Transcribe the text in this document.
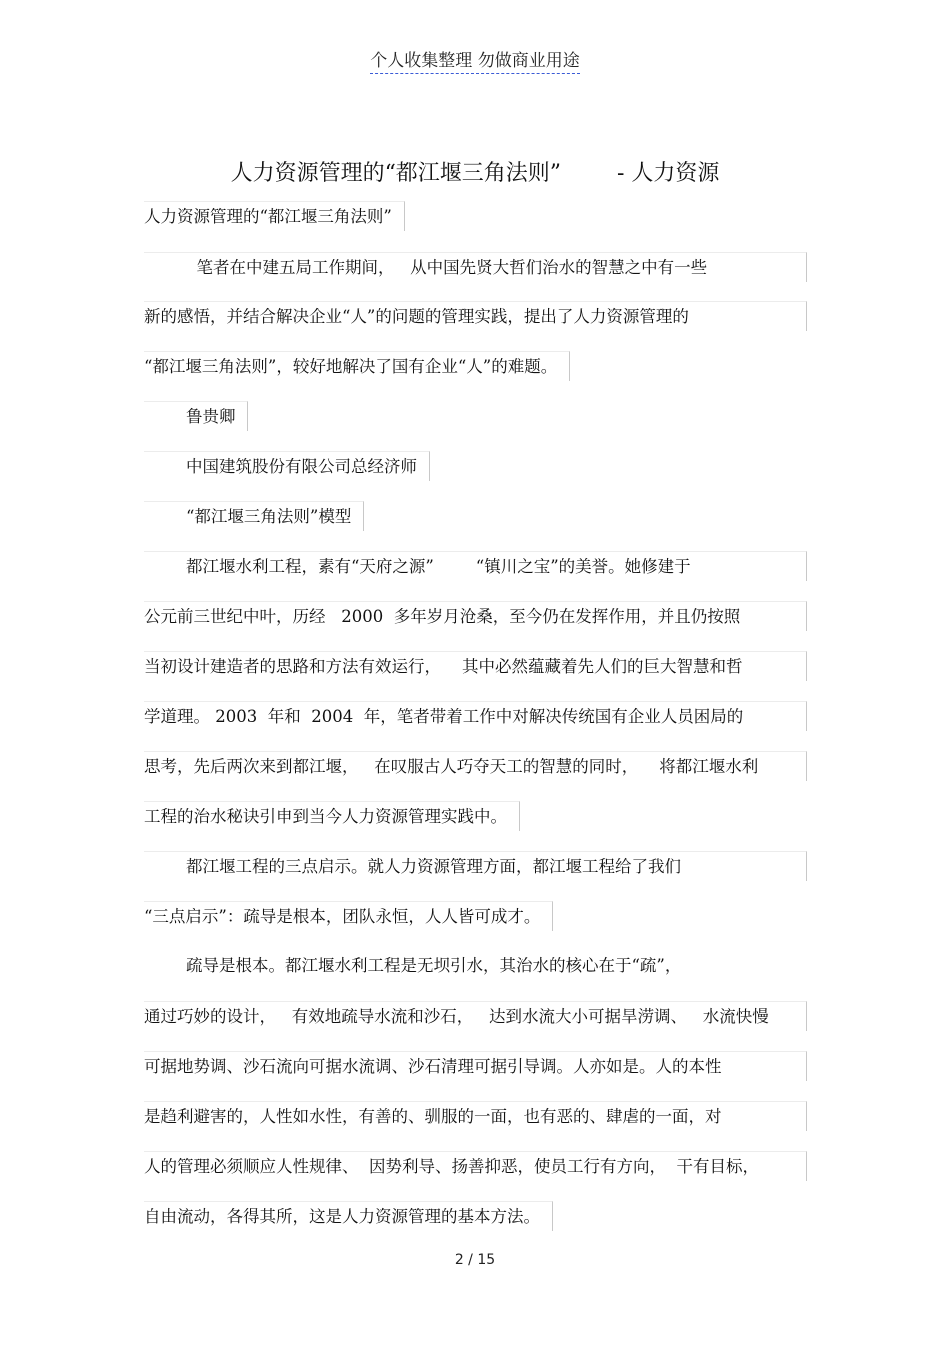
个人收集整理 勿做商业用途
人力资源管理的“都江堰三角法则”        - 人力资源
人力资源管理的“都江堰三角法则”
笔者在中建五局工作期间，   从中国先贤大哲们治水的智慧之中有一些
新的感悟，并结合解决企业“人”的问题的管理实践，提出了人力资源管理的
“都江堰三角法则”，较好地解决了国有企业“人”的难题。
鲁贵卿
中国建筑股份有限公司总经济师
“都江堰三角法则”模型
都江堰水利工程，素有“天府之源”        “镇川之宝”的美誉。她修建于
公元前三世纪中叶，历经   2000  多年岁月沧桑，至今仍在发挥作用，并且仍按照
当初设计建造者的思路和方法有效运行，    其中必然蕴藏着先人们的巨大智慧和哲
学道理。 2003  年和  2004  年，笔者带着工作中对解决传统国有企业人员困局的
思考，先后两次来到都江堰，   在叹服古人巧夺天工的智慧的同时，    将都江堰水利
工程的治水秘诀引申到当今人力资源管理实践中。
都江堰工程的三点启示。就人力资源管理方面，都江堰工程给了我们
“三点启示”：疏导是根本，团队永恒，人人皆可成才。
疏导是根本。都江堰水利工程是无坝引水，其治水的核心在于“疏”，
通过巧妙的设计，   有效地疏导水流和沙石，   达到水流大小可据旱涝调、   水流快慢
可据地势调、沙石流向可据水流调、沙石清理可据引导调。人亦如是。人的本性
是趋利避害的，人性如水性，有善的、驯服的一面，也有恶的、肆虐的一面，对
人的管理必须顺应人性规律、  因势利导、扬善抑恶，使员工行有方向，  干有目标，
自由流动，各得其所，这是人力资源管理的基本方法。
2 / 15
